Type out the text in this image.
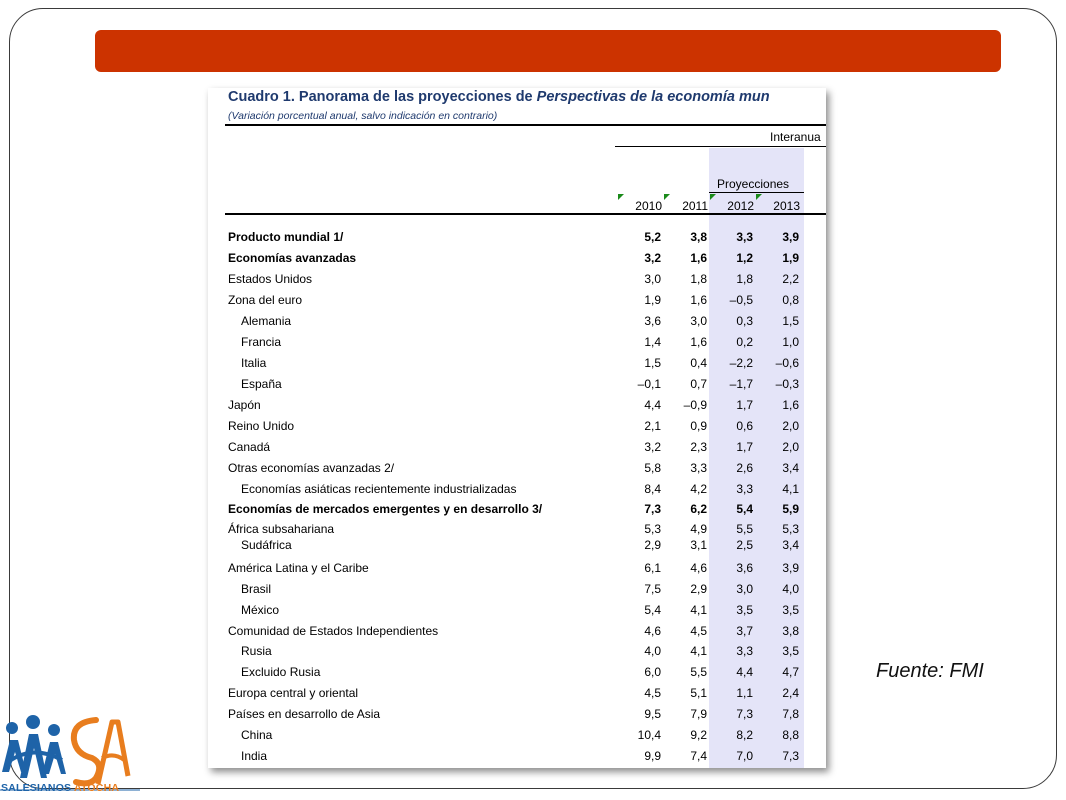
Cuadro 1. Panorama de las proyecciones de Perspectivas de la economía mun
(Variación porcentual anual, salvo indicación en contrario)
Interanua
Proyecciones
2010	2011	2012	2013
Producto mundial 1/	5,2	3,8	3,3	3,9
Economías avanzadas	3,2	1,6	1,2	1,9
Estados Unidos	3,0	1,8	1,8	2,2
Zona del euro	1,9	1,6	–0,5	0,8
Alemania	3,6	3,0	0,3	1,5
Francia	1,4	1,6	0,2	1,0
Italia	1,5	0,4	–2,2	–0,6
España	–0,1	0,7	–1,7	–0,3
Japón	4,4	–0,9	1,7	1,6
Reino Unido	2,1	0,9	0,6	2,0
Canadá	3,2	2,3	1,7	2,0
Otras economías avanzadas 2/	5,8	3,3	2,6	3,4
Economías asiáticas recientemente industrializadas	8,4	4,2	3,3	4,1
Economías de mercados emergentes y en desarrollo 3/	7,3	6,2	5,4	5,9
África subsahariana	5,3	4,9	5,5	5,3
Sudáfrica	2,9	3,1	2,5	3,4
América Latina y el Caribe	6,1	4,6	3,6	3,9
Brasil	7,5	2,9	3,0	4,0
México	5,4	4,1	3,5	3,5
Comunidad de Estados Independientes	4,6	4,5	3,7	3,8
Rusia	4,0	4,1	3,3	3,5
Excluido Rusia	6,0	5,5	4,4	4,7
Europa central y oriental	4,5	5,1	1,1	2,4
Países en desarrollo de Asia	9,5	7,9	7,3	7,8
China	10,4	9,2	8,2	8,8
India	9,9	7,4	7,0	7,3
Fuente: FMI
SALESIANOS ATOCHA
